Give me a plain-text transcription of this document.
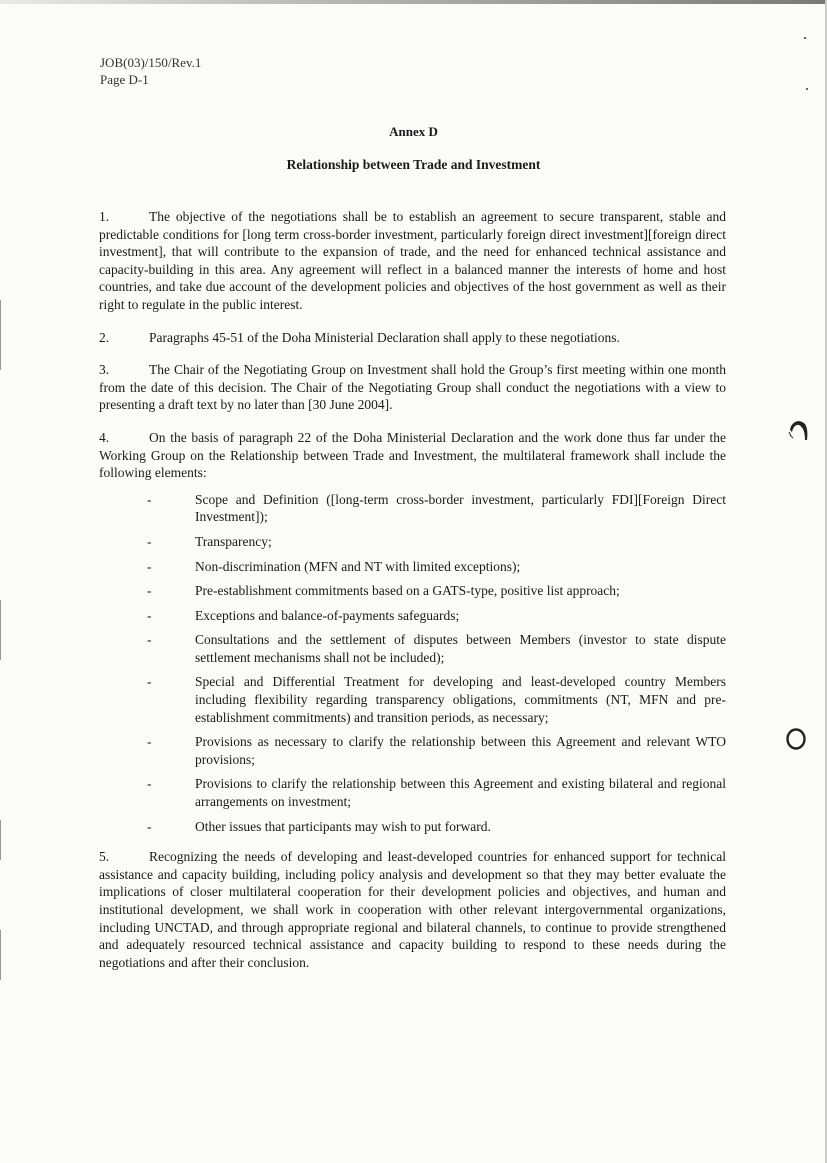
JOB(03)/150/Rev.1
Page D-1
Annex D
Relationship between Trade and Investment

1.	The objective of the negotiations shall be to establish an agreement to secure transparent, stable and predictable conditions for [long term cross-border investment, particularly foreign direct investment][foreign direct investment], that will contribute to the expansion of trade, and the need for enhanced technical assistance and capacity-building in this area. Any agreement will reflect in a balanced manner the interests of home and host countries, and take due account of the development policies and objectives of the host government as well as their right to regulate in the public interest.

2.	Paragraphs 45-51 of the Doha Ministerial Declaration shall apply to these negotiations.

3.	The Chair of the Negotiating Group on Investment shall hold the Group’s first meeting within one month from the date of this decision. The Chair of the Negotiating Group shall conduct the negotiations with a view to presenting a draft text by no later than [30 June 2004].

4.	On the basis of paragraph 22 of the Doha Ministerial Declaration and the work done thus far under the Working Group on the Relationship between Trade and Investment, the multilateral framework shall include the following elements:

-	Scope and Definition ([long-term cross-border investment, particularly FDI][Foreign Direct Investment]);
-	Transparency;
-	Non-discrimination (MFN and NT with limited exceptions);
-	Pre-establishment commitments based on a GATS-type, positive list approach;
-	Exceptions and balance-of-payments safeguards;
-	Consultations and the settlement of disputes between Members (investor to state dispute settlement mechanisms shall not be included);
-	Special and Differential Treatment for developing and least-developed country Members including flexibility regarding transparency obligations, commitments (NT, MFN and pre-establishment commitments) and transition periods, as necessary;
-	Provisions as necessary to clarify the relationship between this Agreement and relevant WTO provisions;
-	Provisions to clarify the relationship between this Agreement and existing bilateral and regional arrangements on investment;
-	Other issues that participants may wish to put forward.

5.	Recognizing the needs of developing and least-developed countries for enhanced support for technical assistance and capacity building, including policy analysis and development so that they may better evaluate the implications of closer multilateral cooperation for their development policies and objectives, and human and institutional development, we shall work in cooperation with other relevant intergovernmental organizations, including UNCTAD, and through appropriate regional and bilateral channels, to continue to provide strengthened and adequately resourced technical assistance and capacity building to respond to these needs during the negotiations and after their conclusion.
